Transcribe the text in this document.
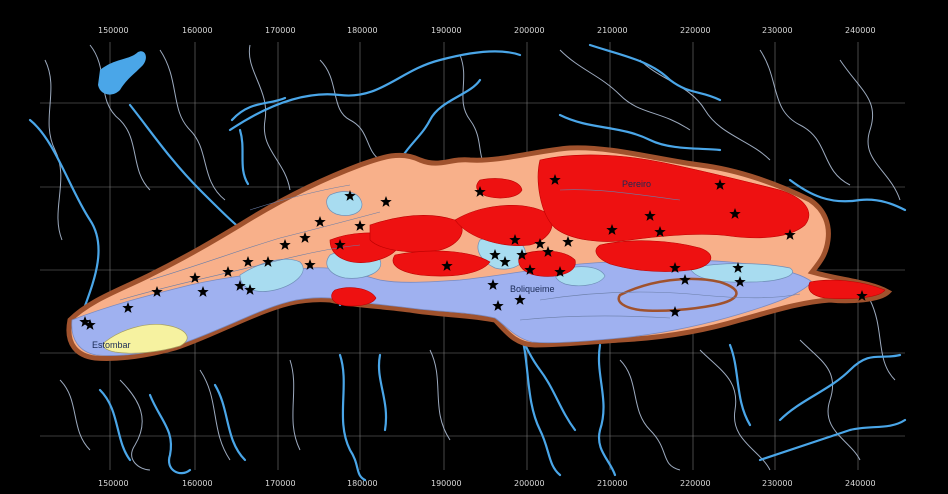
150000	160000	170000	180000	190000	200000	210000	220000	230000	240000
150000	160000	170000	180000	190000	200000	210000	220000	230000	240000
Estombar
Boliqueime
Pereiro
